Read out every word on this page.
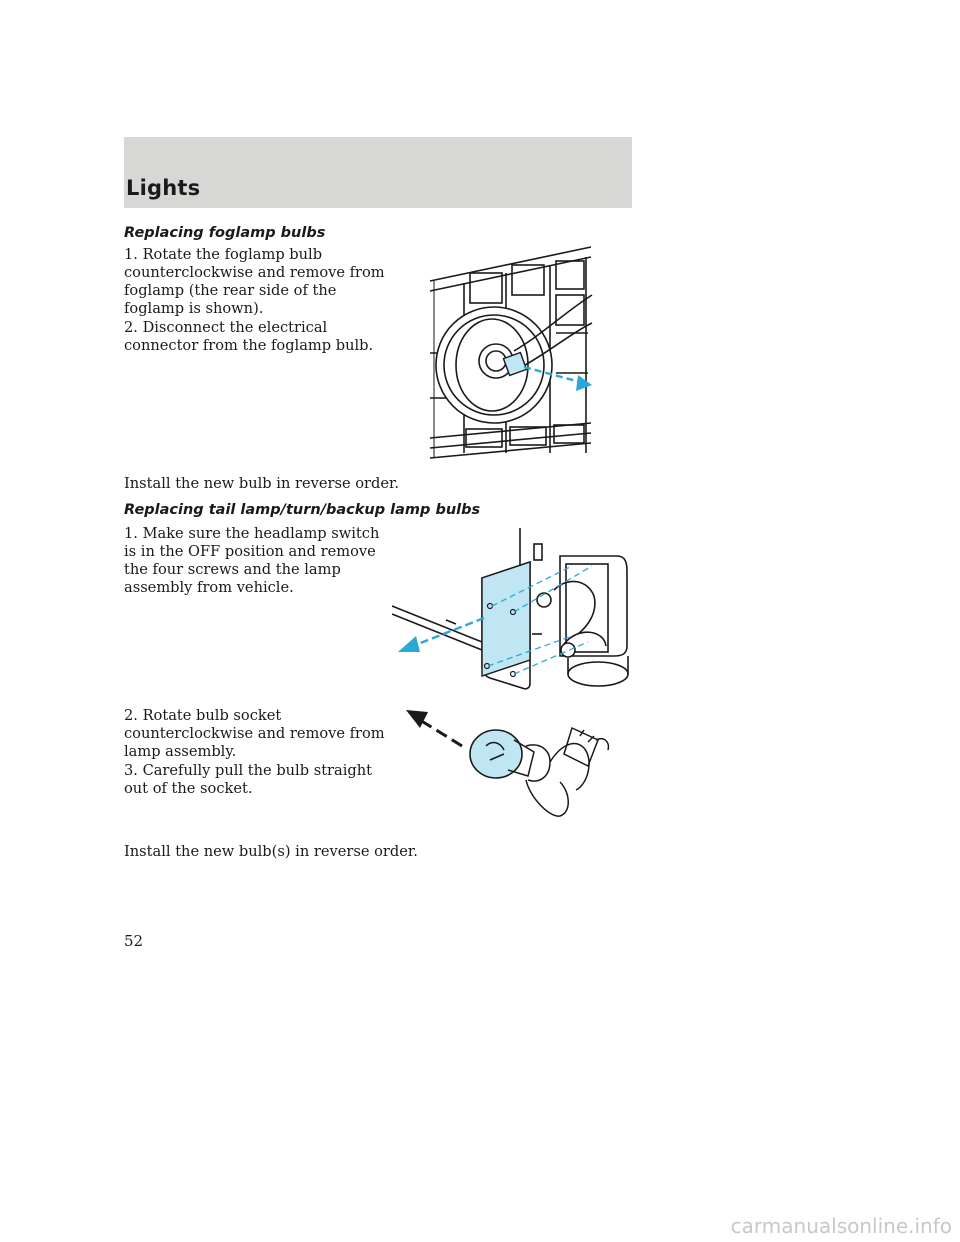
Lights
Replacing foglamp bulbs

1. Rotate the foglamp bulb counterclockwise and remove from foglamp (the rear side of the foglamp is shown).

2. Disconnect the electrical connector from the foglamp bulb.

Install the new bulb in reverse order.

Replacing tail lamp/turn/backup lamp bulbs

1. Make sure the headlamp switch is in the OFF position and remove the four screws and the lamp assembly from vehicle.

2. Rotate bulb socket counterclockwise and remove from lamp assembly.

3. Carefully pull the bulb straight out of the socket.

Install the new bulb(s) in reverse order.

52
carmanualsonline.info
